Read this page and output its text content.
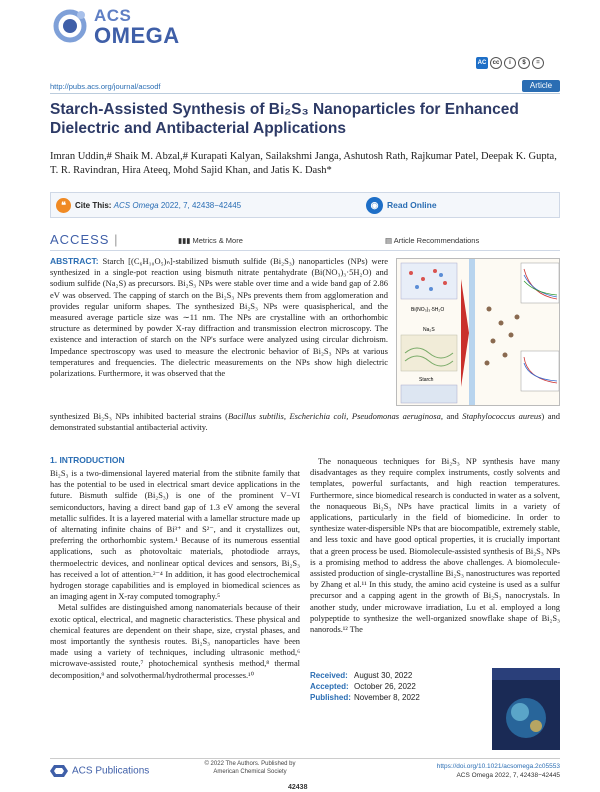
ACS
OMEGA
AC	cc	i	$	=
http://pubs.acs.org/journal/acsodf	Article
Starch-Assisted Synthesis of Bi₂S₃ Nanoparticles for Enhanced Dielectric and Antibacterial Applications
Imran Uddin,# Shaik M. Abzal,# Kurapati Kalyan, Sailakshmi Janga, Ashutosh Rath, Rajkumar Patel, Deepak K. Gupta, T. R. Ravindran, Hira Ateeq, Mohd Sajid Khan, and Jatis K. Dash*
❝	Cite This: ACS Omega 2022, 7, 42438−42445	◉	Read Online
ACCESS |	▮▮▮ Metrics & More	▤ Article Recommendations
ABSTRACT: Starch [(C₆H₁₀O₅)ₙ]-stabilized bismuth sulfide (Bi₂S₃) nanoparticles (NPs) were synthesized in a single-pot reaction using bismuth nitrate pentahydrate (Bi(NO₃)₃·5H₂O) and sodium sulfide (Na₂S) as precursors. Bi₂S₃ NPs were stable over time and a wide band gap of 2.86 eV was observed. The capping of starch on the Bi₂S₃ NPs prevents them from agglomeration and provides regular uniform shapes. The synthesized Bi₂S₃ NPs were quasispherical, and the measured average particle size was ∼11 nm. The NPs are crystalline with an orthorhombic structure as determined by powder X-ray diffraction and transmission electron microscopy. The existence and interaction of starch on the NP's surface were analyzed using circular dichroism. Impedance spectroscopy was used to measure the electronic behavior of Bi₂S₃ NPs at various temperatures and frequencies. The dielectric measurements on the NPs show high dielectric polarizations. Furthermore, it was observed that the
Bi(NO₃)₃·5H₂O
Na₂S
Starch
synthesized Bi₂S₃ NPs inhibited bacterial strains (Bacillus subtilis, Escherichia coli, Pseudomonas aeruginosa, and Staphylococcus aureus) and demonstrated substantial antibacterial activity.
1. INTRODUCTION

Bi₂S₃ is a two-dimensional layered material from the stibnite family that has the potential to be used in electrical smart device applications in the future. Bismuth sulfide (Bi₂S₃) is one of the prominent V−VI semiconductors, having a direct band gap of 1.3 eV among the several metallic sulfides. It is a layered material with a lamellar structure made up of alternating infinite chains of Bi³⁺ and S²⁻, and it crystallizes out, preferring the orthorhombic system.¹ Because of its numerous essential applications, such as photovoltaic materials, photodiode arrays, thermoelectric devices, and nonlinear optical devices and sensors, Bi₂S₃ has received a lot of attention.²⁻⁴ In addition, it has good electrochemical hydrogen storage capabilities and is employed in biomedical sciences as an imaging agent in X-ray computed tomography.⁵

Metal sulfides are distinguished among nanomaterials because of their exotic optical, electrical, and magnetic characteristics. These physical and chemical features are dependent on their shape, size, crystal phases, and most importantly the synthesis routes. Bi₂S₃ nanoparticles have been made using a variety of techniques, including ultrasonic method,⁶ microwave-assisted route,⁷ photochemical synthesis method,⁸ thermal decomposition,⁹ and solvothermal/hydrothermal processes.¹⁰

The nonaqueous techniques for Bi₂S₃ NP synthesis have many disadvantages as they require complex instruments, costly solvents and templates, powerful surfactants, and high reaction temperatures. Furthermore, since biomedical research is conducted in water as a solvent, the nonaqueous Bi₂S₃ NPs have practical limits in a variety of applications, particularly in the field of biomedicine. In order to synthesize water-dispersible NPs that are biocompatible, extremely stable, and less toxic and have good optical properties, it is crucially important that a green process be used. Biomolecule-assisted synthesis of Bi₂S₃ NPs is a promising method to address the above challenges. A biomolecule-assisted production of single-crystalline Bi₂S₃ nanostructures was reported by Zhang et al.¹¹ In this study, the amino acid cysteine is used as a sulfur precursor and a capping agent in the growth of Bi₂S₃ nanocrystals. In another study, under microwave irradiation, Lu et al. employed a long polypeptide to synthesize the well-organized snowflake shape of Bi₂S₃ nanorods.¹² The

Received: August 30, 2022
Accepted: October 26, 2022
Published: November 8, 2022
ACS Publications
© 2022 The Authors. Published by
American Chemical Society
42438
https://doi.org/10.1021/acsomega.2c05553
ACS Omega 2022, 7, 42438−42445
